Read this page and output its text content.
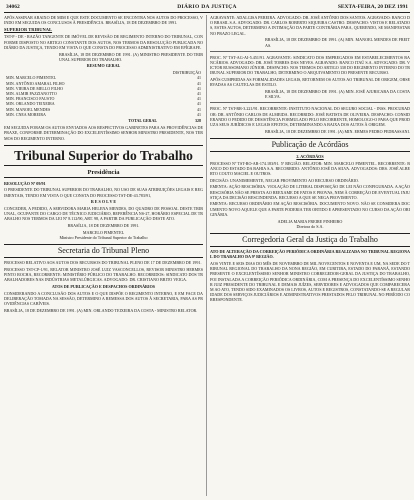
34062	DIÁRIO DA JUSTIÇA	SEXTA-FEIRA, 20 DEZ 1991

APÓS ASSINAR ABAIXO DE MIM E QUE ESTE DOCUMENTO SE ENCONTRA NOS AUTOS DO PROCESSO, VINDO EM SEGUIDA OS CONCLUSOS À PRESIDÊNCIA. BRASÍLIA, 18 DE DEZEMBRO DE 1991.

SUPERIOR TRIBUNAL

TST-P - DE - RAZÃO TANGENTE DE IMÓVEL DE REVISÃO DE REGIMENTO INTERNO DO TRIBUNAL, CONFORME DISPOSTO NO ARTIGO CONSTANTE DOS AUTOS, NOS TERMOS DA RESOLUÇÃO PUBLICADA NO DIÁRIO DA JUSTIÇA, TENDO EM VISTA O QUE CONSTA DO PROCESSO ADMINISTRATIVO EM EPÍGRAFE.

BRASÍLIA, 18 DE DEZEMBRO DE 1991. (A) MINISTRO PRESIDENTE DO TRIBUNAL SUPERIOR DO TRABALHO.

RESUMO GERAL
	DISTRIBUIÇÃO
MIN. MARCELO PIMENTEL	41
MIN. ANTÔNIO AMARAL FILHO	41
MIN. VIEIRA DE MELLO FILHO	41
MIN. ALMIR PAZZIANOTTO	41
MIN. FRANCISCO FAUSTO	41
MIN. ORLANDO TEIXEIRA	41
MIN. MANOEL MENDES	41
MIN. CNEA MOREIRA	41
TOTAL GERAL	328

EM SEGUIDA FORAM OS AUTOS ENVIADOS AOS RESPECTIVOS GABINETES PARA AS PROVIDÊNCIAS DE PRAXE, CONFORME DETERMINAÇÃO DO EXCELENTÍSSIMO SENHOR MINISTRO PRESIDENTE, NOS TERMOS DO REGIMENTO INTERNO.

Tribunal Superior do Trabalho
Presidência

RESOLUÇÃO Nº 09/91

O PRESIDENTE DO TRIBUNAL SUPERIOR DO TRABALHO, NO USO DE SUAS ATRIBUIÇÕES LEGAIS E REGIMENTAIS, TENDO EM VISTA O QUE CONSTA DO PROCESSO TST-DE-43.783/91,

R E S O L V E

CONCEDER, A PEDIDO, A SERVIDORA MARIA HELENA MENDES, DO QUADRO DE PESSOAL DESTE TRIBUNAL, OCUPANTE DO CARGO DE TÉCNICO JUDICIÁRIO, REFERÊNCIA NS-27, HORÁRIO ESPECIAL DE TRABALHO NOS TERMOS DA LEI Nº 8.112/90, ART. 98, A PARTIR DA PUBLICAÇÃO DESTE ATO.

BRASÍLIA, 18 DE DEZEMBRO DE 1991.

MARCELO PIMENTEL
Ministro Presidente do Tribunal Superior do Trabalho
Secretaria do Tribunal Pleno

PROCESSO RELATIVO AOS AUTOS DOS RECURSOS DO TRIBUNAL PLENO DE 17 DE DEZEMBRO DE 1991.

PROCESSO TST-CP-1/91, RELATOR MINISTRO JOSÉ LUIZ VASCONCELLOS, REVISOR MINISTRO HERMES PINTO ROCHA, RECORRENTE: MINISTÉRIO PÚBLICO DO TRABALHO. RECORRIDOS: SINDICATO DOS TRABALHADORES NAS INDÚSTRIAS METALÚRGICAS. ADVOGADO: DR. CRISTIANO BRITO VEIGA.

ATOS DE PUBLICAÇÃO E DESPACHOS ORDINÁRIOS

CONSIDERANDO A CONCLUSÃO DOS AUTOS E O QUE DISPÕE O REGIMENTO INTERNO, E EM FACE DA DELIBERAÇÃO TOMADA NA SESSÃO, DETERMINO A REMESSA DOS AUTOS À SECRETARIA, PARA AS PROVIDÊNCIAS CABÍVEIS.

BRASÍLIA, 18 DE DEZEMBRO DE 1991. (A) MIN. ORLANDO TEIXEIRA DA COSTA - MINISTRO RELATOR.

AGRAVANTE: ADALGISA PEREIRA. ADVOGADO: DR. JOSÉ ANTÔNIO DOS SANTOS. AGRAVADO: BANCO DO BRASIL S.A. ADVOGADO: DR. CARLOS ROBERTO SIQUEIRA CASTRO. DESPACHO: VISTOS E RELATADOS, ESTES AUTOS, DETERMINO A INTIMAÇÃO DA PARTE CONTRÁRIA PARA, QUERENDO, SE MANIFESTAR NO PRAZO LEGAL.

BRASÍLIA, 18 DE DEZEMBRO DE 1991. (A) MIN. MANOEL MENDES DE FREITAS.

PROC. Nº TST-AG-AI-5.451/91. AGRAVANTE: SINDICATO DOS EMPREGADOS EM ESTABELECIMENTOS BANCÁRIOS. ADVOGADO: DR. JOSÉ TORRES DAS NEVES. AGRAVADO: BANCO ITAÚ S.A. ADVOGADO: DR. VICTOR RUSSOMANO JÚNIOR. DESPACHO: NOS TERMOS DO ARTIGO 338 DO REGIMENTO INTERNO DO TRIBUNAL SUPERIOR DO TRABALHO, DETERMINO O ARQUIVAMENTO DO PRESENTE RECURSO.

APÓS CUMPRIDAS AS FORMALIDADES LEGAIS, RETORNEM OS AUTOS AO TRIBUNAL DE ORIGEM, OBSERVADAS AS CAUTELAS DE ESTILO.

BRASÍLIA, 18 DE DEZEMBRO DE 1991. (A) MIN. JOSÉ AJURICABA DA COSTA E SILVA.

PROC. Nº TST-RR-3.221/91. RECORRENTE: INSTITUTO NACIONAL DO SEGURO SOCIAL - INSS. PROCURADOR: DR. ANTÔNIO CARLOS DE ALMEIDA. RECORRIDO: JOSÉ BATISTA DE OLIVEIRA. DESPACHO: CONSIDERANDO O PEDIDO DE DESISTÊNCIA FORMULADO PELO RECORRENTE, HOMOLOGO-O PARA QUE PRODUZA SEUS JURÍDICOS E LEGAIS EFEITOS, DETERMINANDO A BAIXA DOS AUTOS À ORIGEM.

BRASÍLIA, 18 DE DEZEMBRO DE 1991. (A) MIN. ERMES PEDRO PEDRASSANI.

Publicação de Acórdãos

2. ACÓRDÃOS

PROCESSO Nº TST-RO-AR-174.183/91. 5ª REGIÃO. RELATOR: MIN. MARCELO PIMENTEL. RECORRENTE: BANCO DO ESTADO DA BAHIA S.A. RECORRIDO: ANTÔNIO JOSÉ DA SILVA. ADVOGADOS: DRS. JOSÉ ALBERTO COUTO MACIEL E OUTROS.

DECISÃO: UNANIMEMENTE, NEGAR PROVIMENTO AO RECURSO ORDINÁRIO.

EMENTA: AÇÃO RESCISÓRIA. VIOLAÇÃO DE LITERAL DISPOSIÇÃO DE LEI NÃO CONFIGURADA. A AÇÃO RESCISÓRIA NÃO SE PRESTA AO REEXAME DE FATOS E PROVAS, NEM À CORREÇÃO DE EVENTUAL INJUSTIÇA DA DECISÃO RESCINDENDA. RECURSO A QUE SE NEGA PROVIMENTO.

EMENTA: RECURSO ORDINÁRIO EM AÇÃO RESCISÓRIA. DOCUMENTO NOVO. NÃO SE CONSIDERA DOCUMENTO NOVO AQUELE QUE A PARTE PODERIA TER OBTIDO E APRESENTADO NO CURSO DA AÇÃO ORIGINÁRIA.

ADELIA MARIA FREIRE PINHEIRO
Diretora do S.A.
Corregedoria Geral da Justiça do Trabalho

ATO DE ALTERAÇÃO DA CORREIÇÃO PERIÓDICA ORDINÁRIA REALIZADA NO TRIBUNAL REGIONAL DO TRABALHO DA 9ª REGIÃO.

AOS VINTE E SEIS DIAS DO MÊS DE NOVEMBRO DE MIL NOVECENTOS E NOVENTA E UM, NA SEDE DO TRIBUNAL REGIONAL DO TRABALHO DA NONA REGIÃO, EM CURITIBA, ESTADO DO PARANÁ, ESTANDO PRESENTE O EXCELENTÍSSIMO SENHOR MINISTRO CORREGEDOR-GERAL DA JUSTIÇA DO TRABALHO, FOI INSTALADA A CORREIÇÃO PERIÓDICA ORDINÁRIA, COM A PRESENÇA DO EXCELENTÍSSIMO SENHOR JUIZ PRESIDENTE DO TRIBUNAL E DEMAIS JUÍZES, SERVIDORES E ADVOGADOS QUE COMPARECERAM AO ATO, TENDO SIDO EXAMINADOS OS LIVROS, AUTOS E REGISTROS, CONSTATANDO-SE A REGULARIDADE DOS SERVIÇOS JUDICIÁRIOS E ADMINISTRATIVOS PRESTADOS PELO TRIBUNAL NO PERÍODO CORRESPONDENTE.
